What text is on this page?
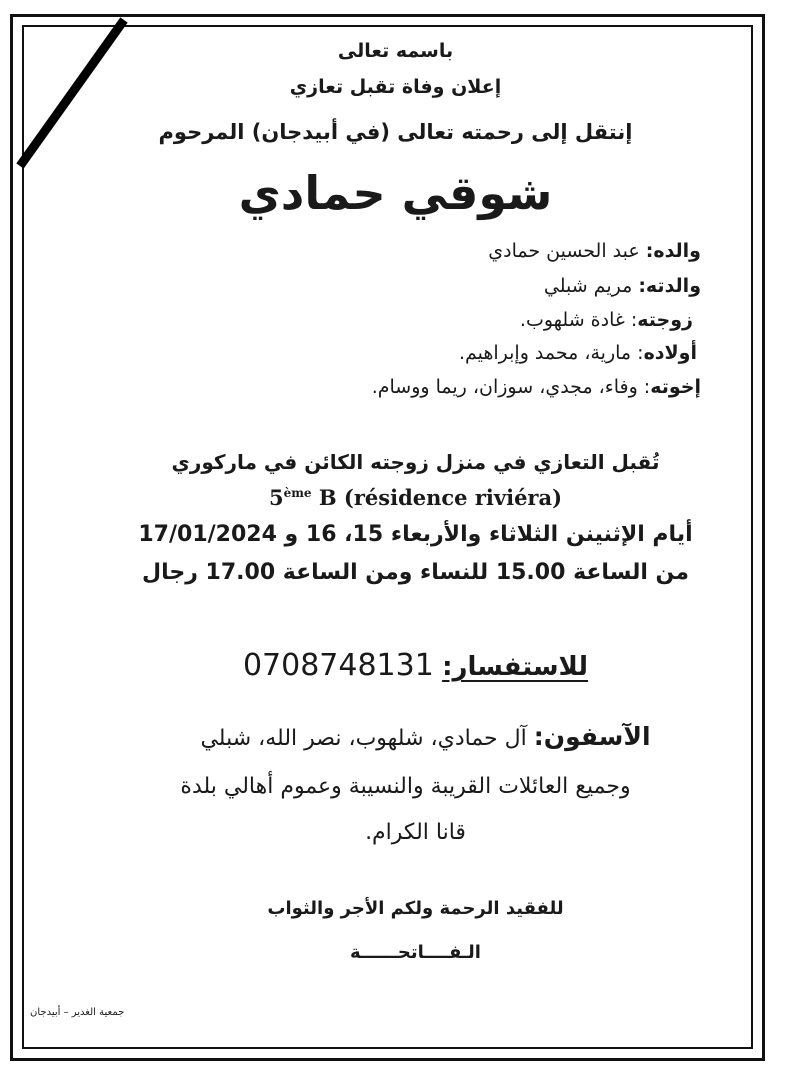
باسمه تعالى
إعلان وفاة تقبل تعازي
إنتقل إلى رحمته تعالى (في أبيدجان) المرحوم
شوقي حمادي
والده: عبد الحسين حمادي
والدته: مريم شبلي
زوجته: غادة شلهوب.
أولاده: مارية، محمد وإبراهيم.
إخوته: وفاء، مجدي، سوزان، ريما ووسام.
تُقبل التعازي في منزل زوجته الكائن في ماركوري
5ème B (résidence riviéra)
أيام الإثنينن الثلاثاء والأربعاء 15، 16 و 17/01/2024
من الساعة 15.00 للنساء ومن الساعة 17.00 رجال
للاستفسار: 0708748131
الآسفون: آل حمادي، شلهوب، نصر الله، شبلي
وجميع العائلات القريبة والنسيبة وعموم أهالي بلدة
قانا الكرام.
للفقيد الرحمة ولكم الأجر والثواب
الـفــــاتحــــــة
جمعية الغدير – أبيدجان
